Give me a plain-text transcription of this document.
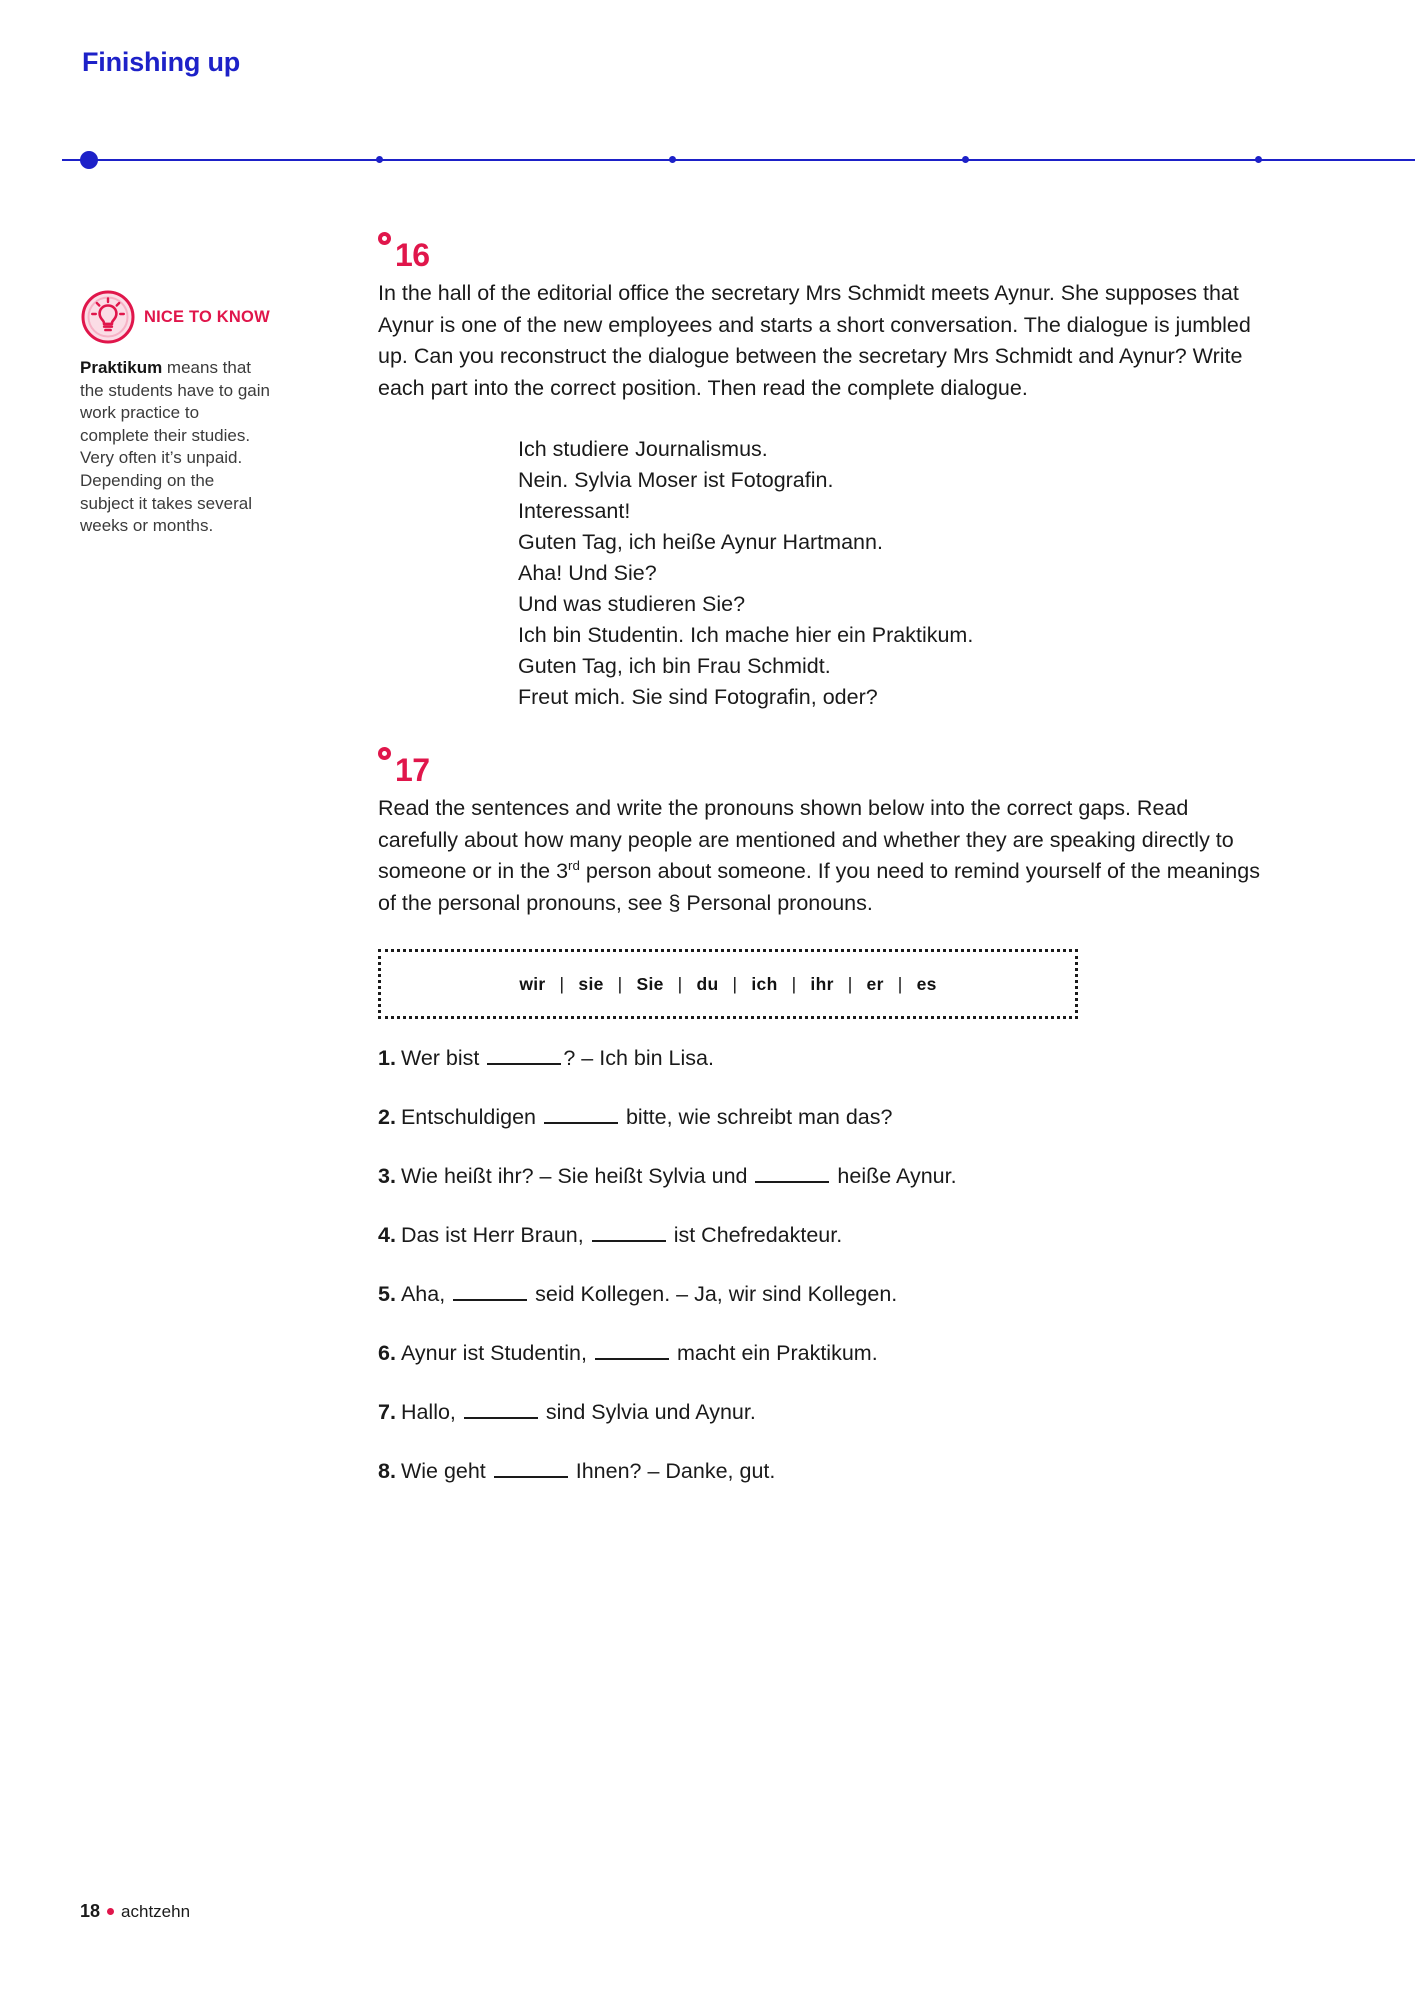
Finishing up
NICE TO KNOW
Praktikum means that the students have to gain work practice to complete their studies. Very often it’s unpaid. Depending on the subject it takes several weeks or months.
16
In the hall of the editorial office the secretary Mrs Schmidt meets Aynur. She supposes that Aynur is one of the new employees and starts a short conversation. The dialogue is jumbled up. Can you reconstruct the dialogue between the secretary Mrs Schmidt and Aynur? Write each part into the correct position. Then read the complete dialogue.
Ich studiere Journalismus.
Nein. Sylvia Moser ist Fotografin.
Interessant!
Guten Tag, ich heiße Aynur Hartmann.
Aha! Und Sie?
Und was studieren Sie?
Ich bin Studentin. Ich mache hier ein Praktikum.
Guten Tag, ich bin Frau Schmidt.
Freut mich. Sie sind Fotografin, oder?
17
Read the sentences and write the pronouns shown below into the correct gaps. Read carefully about how many people are mentioned and whether they are speaking directly to someone or in the 3rd person about someone. If you need to remind yourself of the meanings of the personal pronouns, see § Personal pronouns.
wir | sie | Sie | du | ich | ihr | er | es
1. Wer bist	? – Ich bin Lisa.
2. Entschuldigen	bitte, wie schreibt man das?
3. Wie heißt ihr? – Sie heißt Sylvia und	heiße Aynur.
4. Das ist Herr Braun,	ist Chefredakteur.
5. Aha,	seid Kollegen. – Ja, wir sind Kollegen.
6. Aynur ist Studentin,	macht ein Praktikum.
7. Hallo,	sind Sylvia und Aynur.
8. Wie geht	Ihnen? – Danke, gut.
18 achtzehn
